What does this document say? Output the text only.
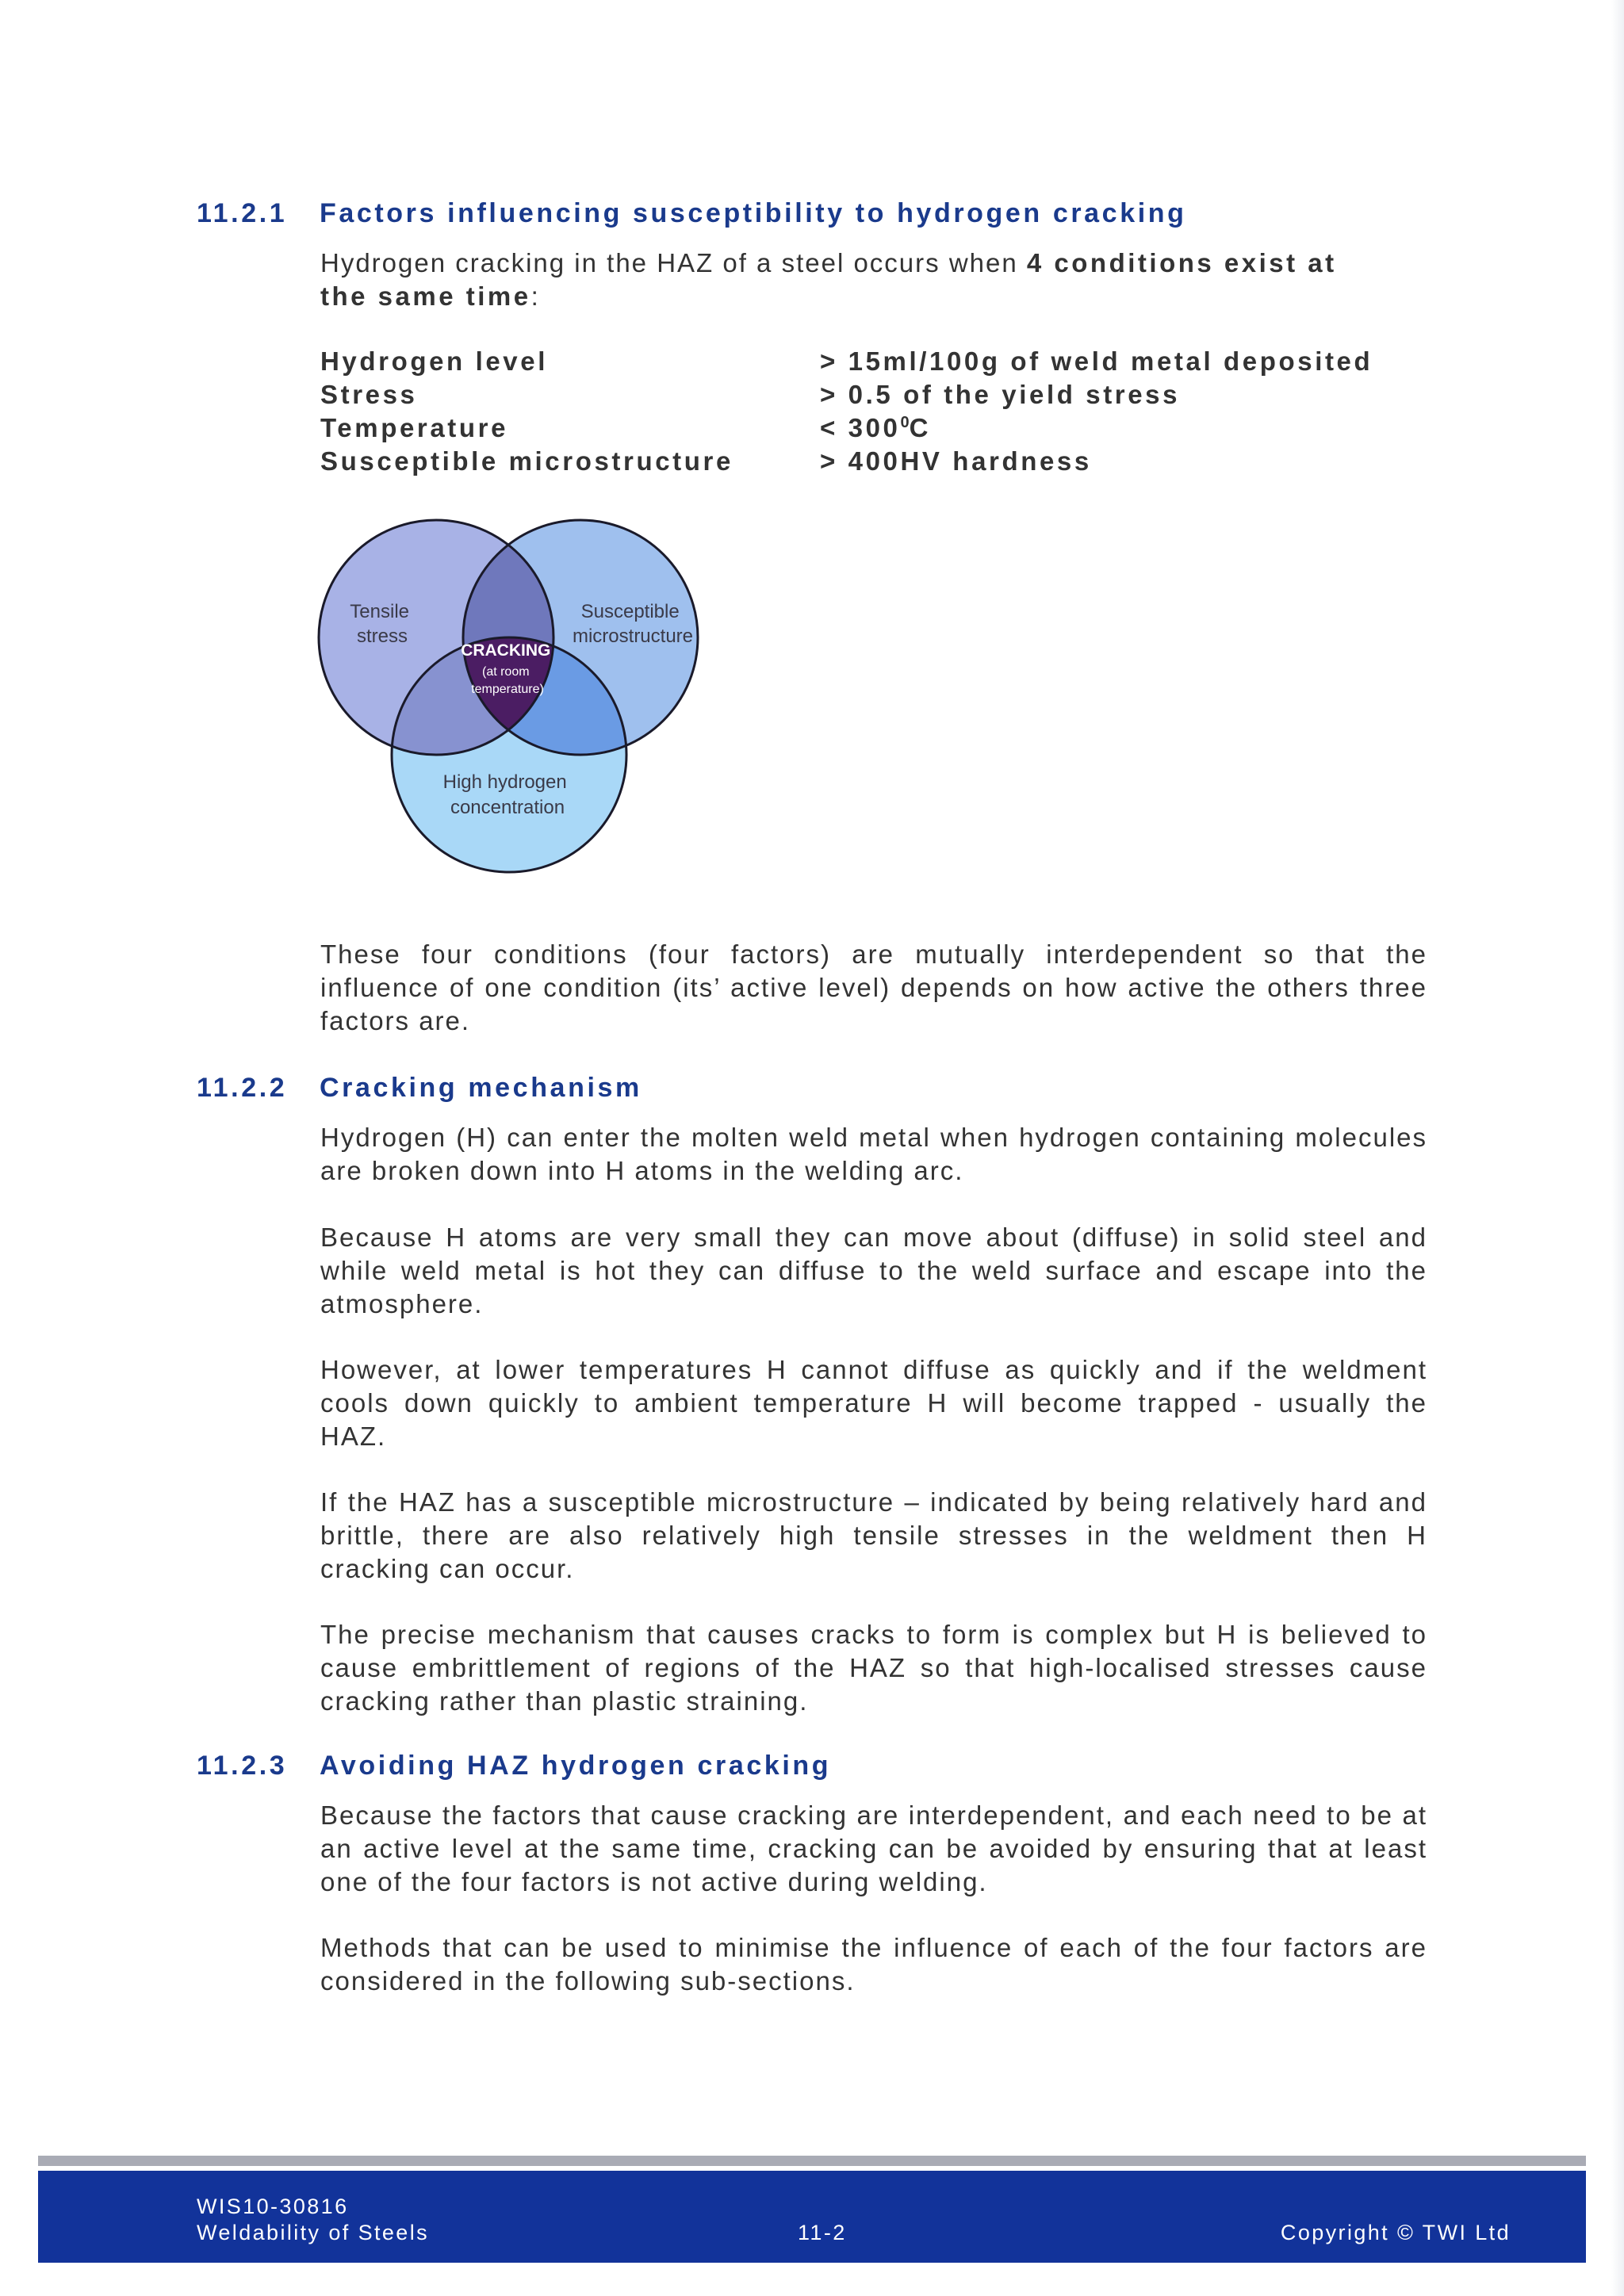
11.2.1 Factors influencing susceptibility to hydrogen cracking

Hydrogen cracking in the HAZ of a steel occurs when 4 conditions exist at
the same time:

Hydrogen level	> 15ml/100g of weld metal deposited
Stress	> 0.5 of the yield stress
Temperature	< $300^0C$
Susceptible microstructure	> 400HV hardness
Tensile stress
Susceptible microstructure
High hydrogen concentration
CRACKING (at room temperature)

These four conditions (four factors) are mutually interdependent so that the influence of one condition (its’ active level) depends on how active the others three factors are.

11.2.2 Cracking mechanism

Hydrogen (H) can enter the molten weld metal when hydrogen containing molecules are broken down into H atoms in the welding arc.

Because H atoms are very small they can move about (diffuse) in solid steel and while weld metal is hot they can diffuse to the weld surface and escape into the atmosphere.

However, at lower temperatures H cannot diffuse as quickly and if the weldment cools down quickly to ambient temperature H will become trapped - usually the HAZ.

If the HAZ has a susceptible microstructure – indicated by being relatively hard and brittle, there are also relatively high tensile stresses in the weldment then H cracking can occur.

The precise mechanism that causes cracks to form is complex but H is believed to cause embrittlement of regions of the HAZ so that high-localised stresses cause cracking rather than plastic straining.

11.2.3 Avoiding HAZ hydrogen cracking

Because the factors that cause cracking are interdependent, and each need to be at an active level at the same time, cracking can be avoided by ensuring that at least one of the four factors is not active during welding.

Methods that can be used to minimise the influence of each of the four factors are considered in the following sub-sections.

WIS10-30816
Weldability of Steels	11-2	Copyright © TWI Ltd
